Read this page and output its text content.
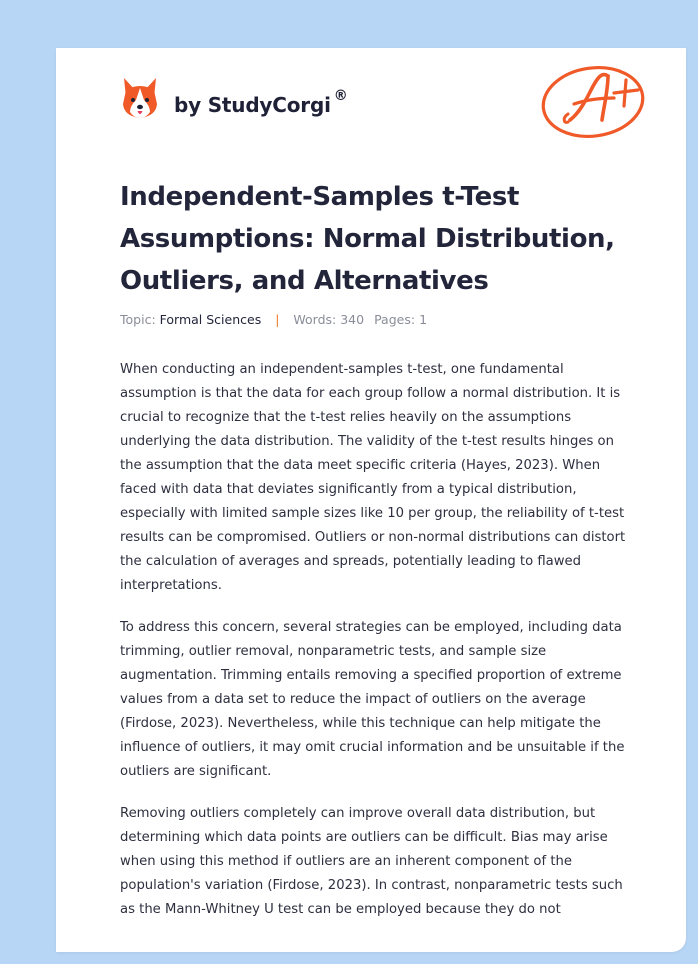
by StudyCorgi ®
Independent-Samples t-Test Assumptions: Normal Distribution, Outliers, and Alternatives
Topic: Formal Sciences | Words: 340 Pages: 1

When conducting an independent-samples t-test, one fundamental assumption is that the data for each group follow a normal distribution. It is crucial to recognize that the t-test relies heavily on the assumptions underlying the data distribution. The validity of the t-test results hinges on the assumption that the data meet specific criteria (Hayes, 2023). When faced with data that deviates significantly from a typical distribution, especially with limited sample sizes like 10 per group, the reliability of t-test results can be compromised. Outliers or non-normal distributions can distort the calculation of averages and spreads, potentially leading to flawed interpretations.

To address this concern, several strategies can be employed, including data trimming, outlier removal, nonparametric tests, and sample size augmentation. Trimming entails removing a specified proportion of extreme values from a data set to reduce the impact of outliers on the average (Firdose, 2023). Nevertheless, while this technique can help mitigate the influence of outliers, it may omit crucial information and be unsuitable if the outliers are significant.

Removing outliers completely can improve overall data distribution, but determining which data points are outliers can be difficult. Bias may arise when using this method if outliers are an inherent component of the population's variation (Firdose, 2023). In contrast, nonparametric tests such as the Mann-Whitney U test can be employed because they do not
